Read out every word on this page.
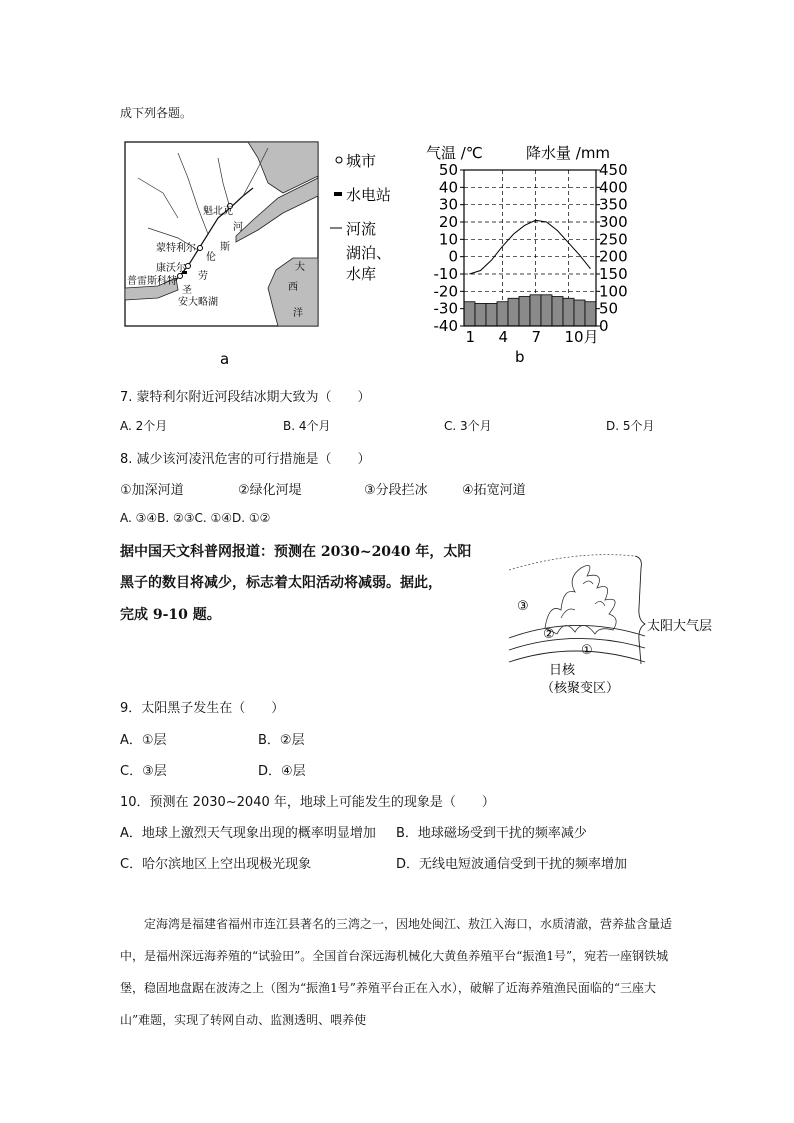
成下列各题。
魁北克
河
斯
蒙特利尔
伦
康沃尔
劳
普雷斯科特
圣
安大略湖
大
西
洋
城市
水电站
河流
湖泊、
水库
a
气温 /℃	降水量 /mm
50
40
30
20
10
0
-10
-20
-30
-40
450
400
350
300
250
200
150
100
50
0
1 4 7 10月
b
7. 蒙特利尔附近河段结冰期大致为（　　）
A. 2个月	B. 4个月	C. 3个月	D. 5个月
8. 减少该河凌汛危害的可行措施是（　　）
①加深河道	②绿化河堤	③分段拦冰	④拓宽河道
A. ③④B. ②③C. ①④D. ①②
据中国天文科普网报道：预测在 2030~2040 年，太阳
黑子的数目将减少，标志着太阳活动将减弱。据此，
完成 9-10 题。
③
②
①
太阳大气层
日核
（核聚变区）
9．太阳黑子发生在（　　）
A．①层	B．②层
C．③层	D．④层
10．预测在 2030~2040 年，地球上可能发生的现象是（　　）
A．地球上激烈天气现象出现的概率明显增加 B．地球磁场受到干扰的频率减少
C．哈尔滨地区上空出现极光现象	D．无线电短波通信受到干扰的频率增加
定海湾是福建省福州市连江县著名的三湾之一，因地处闽江、敖江入海口，水质清澈，营养盐含量适中，是福州深远海养殖的“试验田”。全国首台深远海机械化大黄鱼养殖平台“振渔1号”，宛若一座钢铁城堡，稳固地盘踞在波涛之上（图为“振渔1号”养殖平台正在入水），破解了近海养殖渔民面临的“三座大山”难题，实现了转网自动、监测透明、喂养使
